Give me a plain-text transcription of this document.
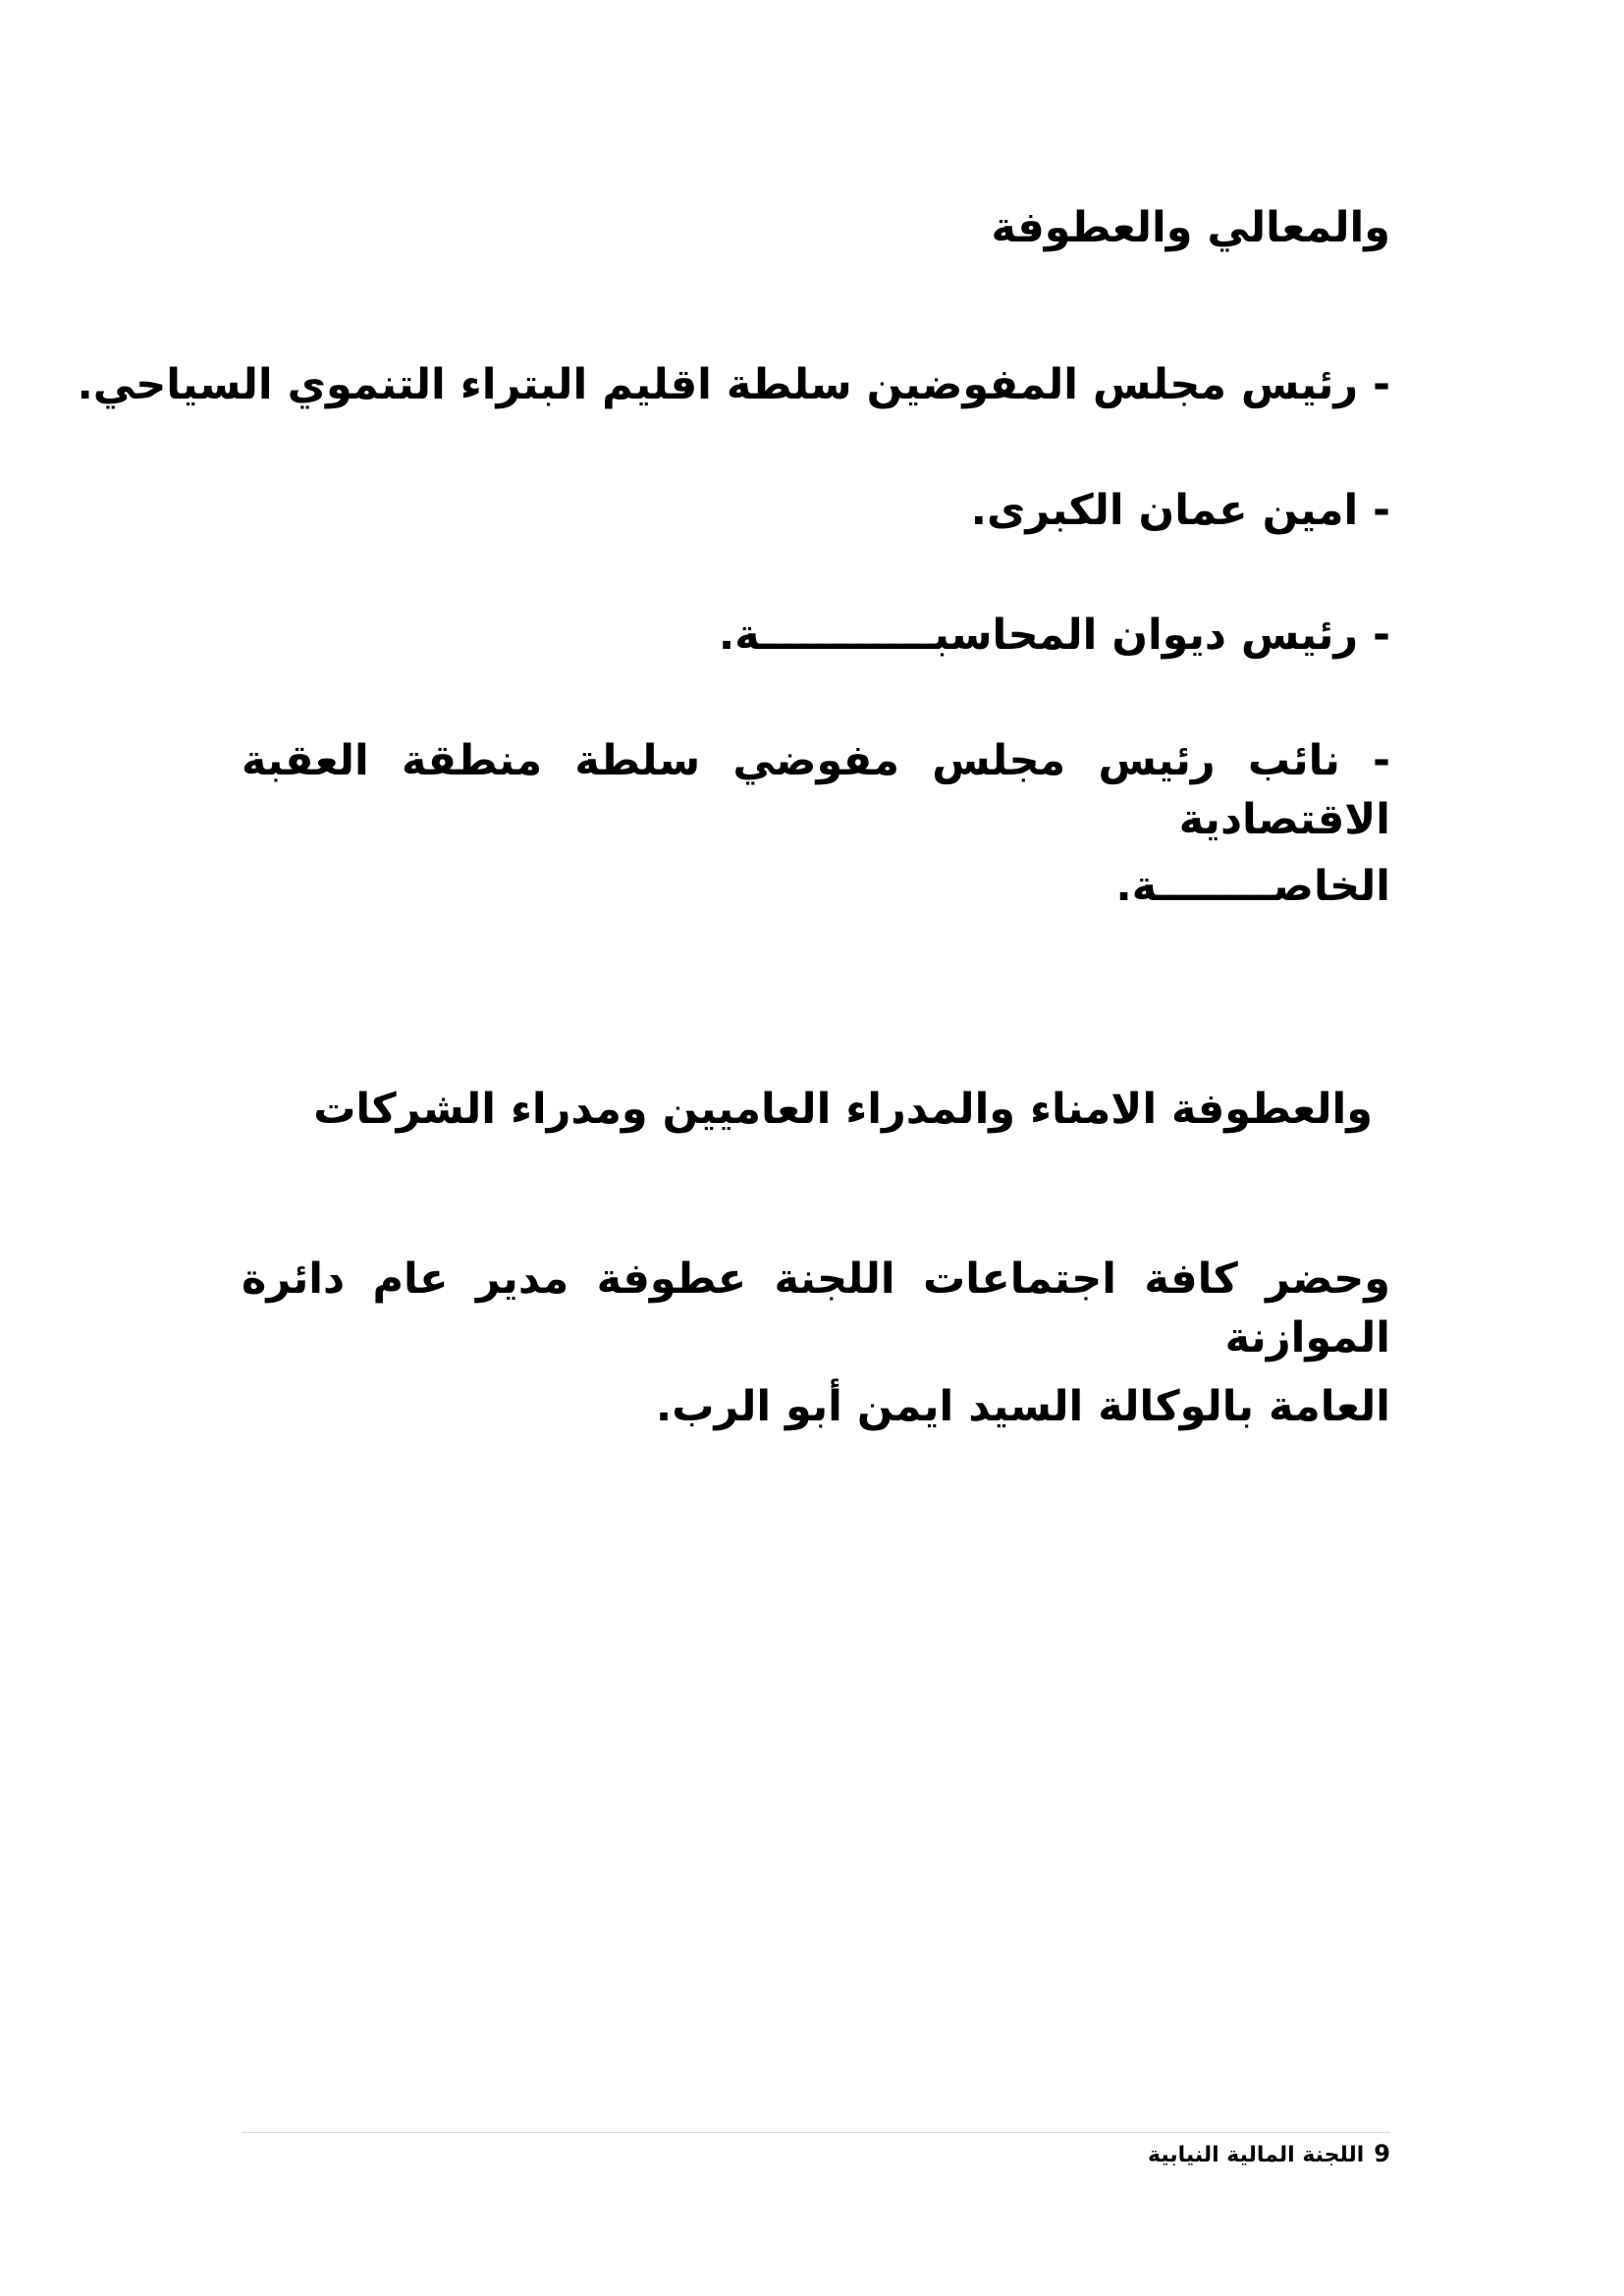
والمعالي والعطوفة
- رئيس مجلس المفوضين سلطة اقليم البتراء التنموي السياحي.
- امين عمان الكبرى.
- رئيس ديوان المحاسبــــــــــــة.
- نائب رئيس مجلس مفوضي سلطة منطقة العقبة الاقتصادية
الخاصــــــــة.
والعطوفة الامناء والمدراء العاميين ومدراء الشركات
وحضر كافة اجتماعات اللجنة عطوفة مدير عام دائرة الموازنة
العامة بالوكالة السيد ايمن أبو الرب.
9اللجنة المالية النيابية
